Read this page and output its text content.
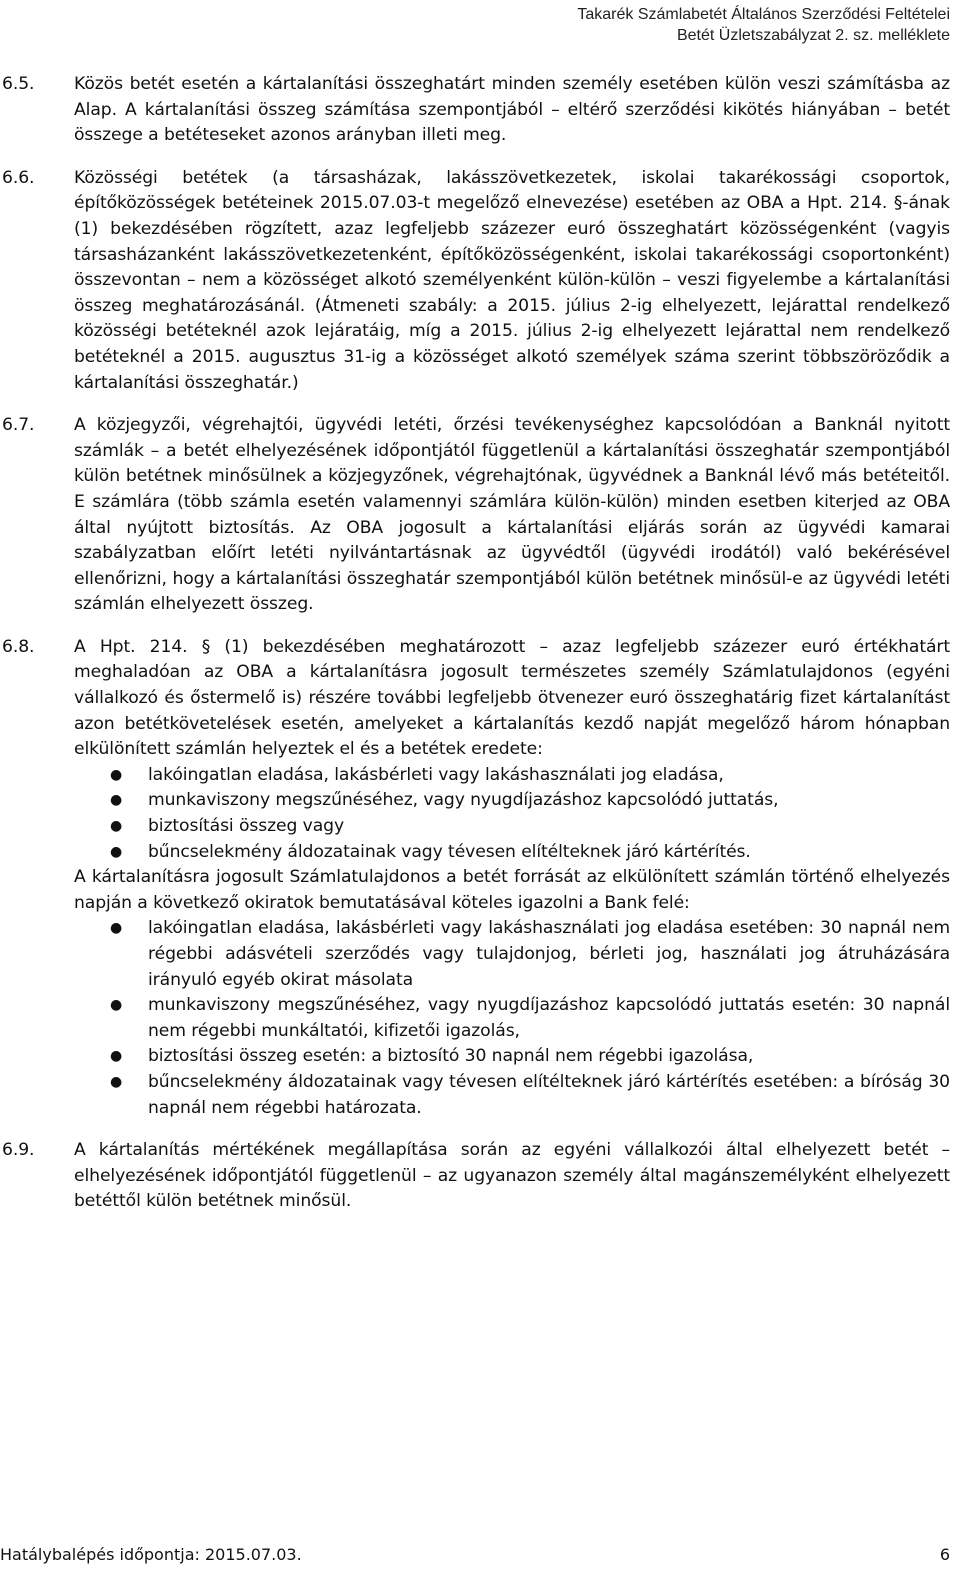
Takarék Számlabetét Általános Szerződési Feltételei
Betét Üzletszabályzat 2. sz. melléklete
6.5.	Közös betét esetén a kártalanítási összeghatárt minden személy esetében külön veszi számításba az Alap. A kártalanítási összeg számítása szempontjából – eltérő szerződési kikötés hiányában – betét összege a betéteseket azonos arányban illeti meg.

6.6.	Közösségi betétek (a társasházak, lakásszövetkezetek, iskolai takarékossági csoportok, építőközösségek betéteinek 2015.07.03-t megelőző elnevezése) esetében az OBA a Hpt. 214. §-ának (1) bekezdésében rögzített, azaz legfeljebb százezer euró összeghatárt közösségenként (vagyis társasházanként lakásszövetkezetenként, építőközösségenként, iskolai takarékossági csoportonként) összevontan – nem a közösséget alkotó személyenként külön-külön – veszi figyelembe a kártalanítási összeg meghatározásánál. (Átmeneti szabály: a 2015. július 2-ig elhelyezett, lejárattal rendelkező közösségi betéteknél azok lejáratáig, míg a 2015. július 2-ig elhelyezett lejárattal nem rendelkező betéteknél a 2015. augusztus 31-ig a közösséget alkotó személyek száma szerint többszöröződik a kártalanítási összeghatár.)

6.7.	A közjegyzői, végrehajtói, ügyvédi letéti, őrzési tevékenységhez kapcsolódóan a Banknál nyitott számlák – a betét elhelyezésének időpontjától függetlenül a kártalanítási összeghatár szempontjából külön betétnek minősülnek a közjegyzőnek, végrehajtónak, ügyvédnek a Banknál lévő más betéteitől. E számlára (több számla esetén valamennyi számlára külön-külön) minden esetben kiterjed az OBA által nyújtott biztosítás. Az OBA jogosult a kártalanítási eljárás során az ügyvédi kamarai szabályzatban előírt letéti nyilvántartásnak az ügyvédtől (ügyvédi irodától) való bekérésével ellenőrizni, hogy a kártalanítási összeghatár szempontjából külön betétnek minősül-e az ügyvédi letéti számlán elhelyezett összeg.

6.8.	A Hpt. 214. § (1) bekezdésében meghatározott – azaz legfeljebb százezer euró értékhatárt meghaladóan az OBA a kártalanításra jogosult természetes személy Számlatulajdonos (egyéni vállalkozó és őstermelő is) részére további legfeljebb ötvenezer euró összeghatárig fizet kártalanítást azon betétkövetelések esetén, amelyeket a kártalanítás kezdő napját megelőző három hónapban elkülönített számlán helyeztek el és a betétek eredete:

● lakóingatlan eladása, lakásbérleti vagy lakáshasználati jog eladása,
● munkaviszony megszűnéséhez, vagy nyugdíjazáshoz kapcsolódó juttatás,
● biztosítási összeg vagy
● bűncselekmény áldozatainak vagy tévesen elítélteknek járó kártérítés.

A kártalanításra jogosult Számlatulajdonos a betét forrását az elkülönített számlán történő elhelyezés napján a következő okiratok bemutatásával köteles igazolni a Bank felé:

● lakóingatlan eladása, lakásbérleti vagy lakáshasználati jog eladása esetében: 30 napnál nem régebbi adásvételi szerződés vagy tulajdonjog, bérleti jog, használati jog átruházására irányuló egyéb okirat másolata
● munkaviszony megszűnéséhez, vagy nyugdíjazáshoz kapcsolódó juttatás esetén: 30 napnál nem régebbi munkáltatói, kifizetői igazolás,
● biztosítási összeg esetén: a biztosító 30 napnál nem régebbi igazolása,
● bűncselekmény áldozatainak vagy tévesen elítélteknek járó kártérítés esetében: a bíróság 30 napnál nem régebbi határozata.
6.9.	A kártalanítás mértékének megállapítása során az egyéni vállalkozói által elhelyezett betét – elhelyezésének időpontjától függetlenül – az ugyanazon személy által magánszemélyként elhelyezett betéttől külön betétnek minősül.

Hatálybalépés időpontja: 2015.07.03.	6
